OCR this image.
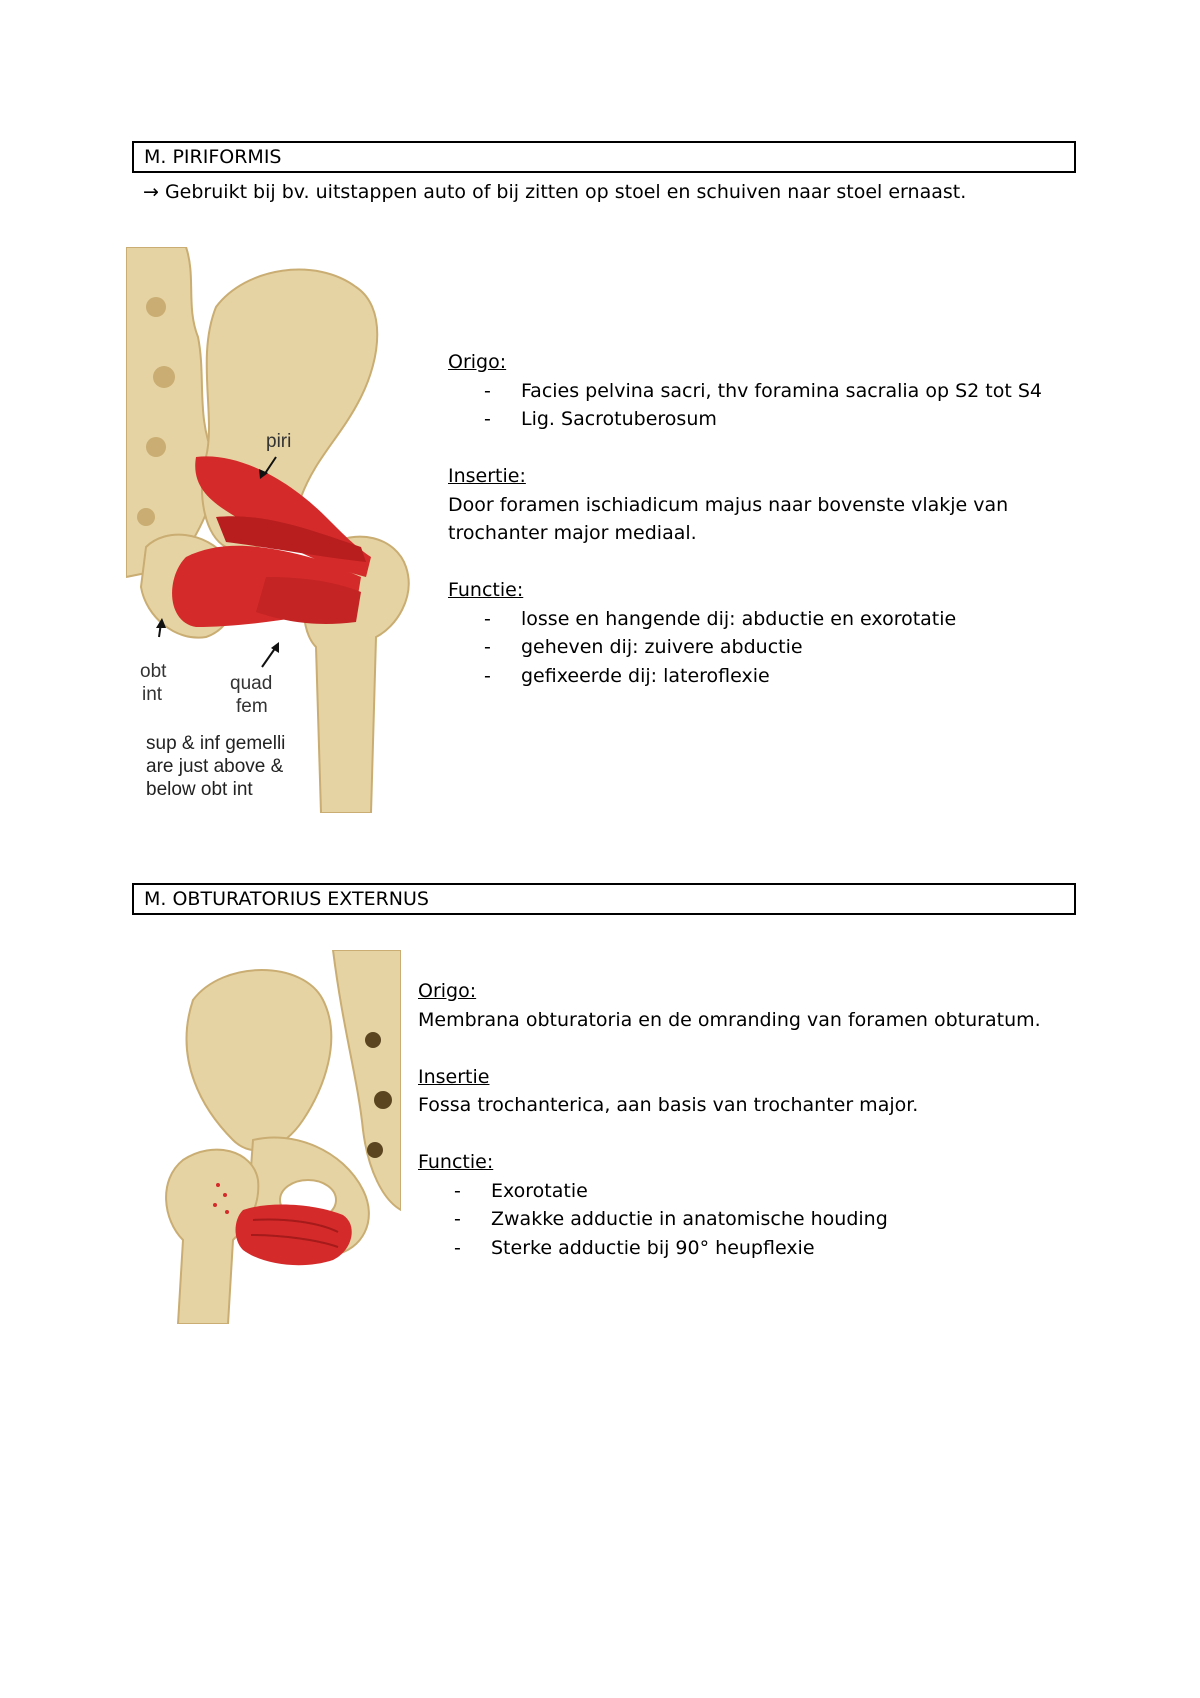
M. PIRIFORMIS
→ Gebruikt bij bv. uitstappen auto of bij zitten op stoel en schuiven naar stoel ernaast.
piri
obt
int
quad
fem
sup & inf gemelli
are just above &
below obt int
Origo:
-	Facies pelvina sacri, thv foramina sacralia op S2 tot S4
-	Lig. Sacrotuberosum
Insertie:
Door foramen ischiadicum majus naar bovenste vlakje van
trochanter major mediaal.
Functie:
-	losse en hangende dij: abductie en exorotatie
-	geheven dij: zuivere abductie
-	gefixeerde dij: lateroflexie
M. OBTURATORIUS EXTERNUS
Origo:
Membrana obturatoria en de omranding van foramen obturatum.
Insertie
Fossa trochanterica, aan basis van trochanter major.
Functie:
-	Exorotatie
-	Zwakke adductie in anatomische houding
-	Sterke adductie bij 90° heupflexie
